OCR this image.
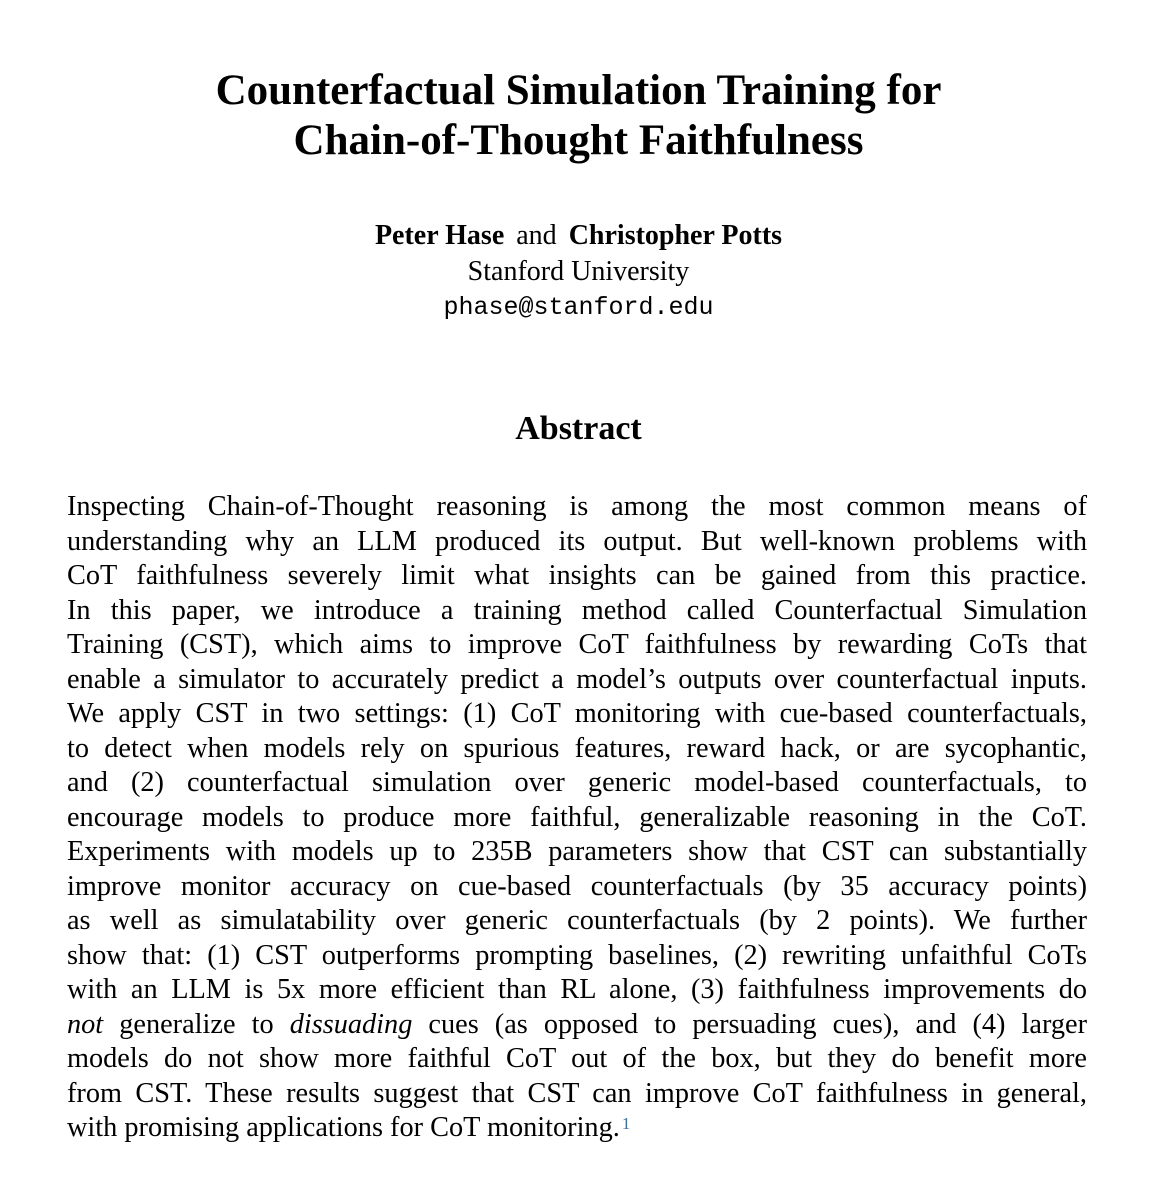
Counterfactual Simulation Training for
Chain-of-Thought Faithfulness
Peter Hase and Christopher Potts
Stanford University
phase@stanford.edu
Abstract
Inspecting Chain-of-Thought reasoning is among the most common means of
understanding why an LLM produced its output. But well-known problems with
CoT faithfulness severely limit what insights can be gained from this practice.
In this paper, we introduce a training method called Counterfactual Simulation
Training (CST), which aims to improve CoT faithfulness by rewarding CoTs that
enable a simulator to accurately predict a model’s outputs over counterfactual inputs.
We apply CST in two settings: (1) CoT monitoring with cue-based counterfactuals,
to detect when models rely on spurious features, reward hack, or are sycophantic,
and (2) counterfactual simulation over generic model-based counterfactuals, to
encourage models to produce more faithful, generalizable reasoning in the CoT.
Experiments with models up to 235B parameters show that CST can substantially
improve monitor accuracy on cue-based counterfactuals (by 35 accuracy points)
as well as simulatability over generic counterfactuals (by 2 points). We further
show that: (1) CST outperforms prompting baselines, (2) rewriting unfaithful CoTs
with an LLM is 5x more efficient than RL alone, (3) faithfulness improvements do
not generalize to dissuading cues (as opposed to persuading cues), and (4) larger
models do not show more faithful CoT out of the box, but they do benefit more
from CST. These results suggest that CST can improve CoT faithfulness in general,
with promising applications for CoT monitoring. $^1$
